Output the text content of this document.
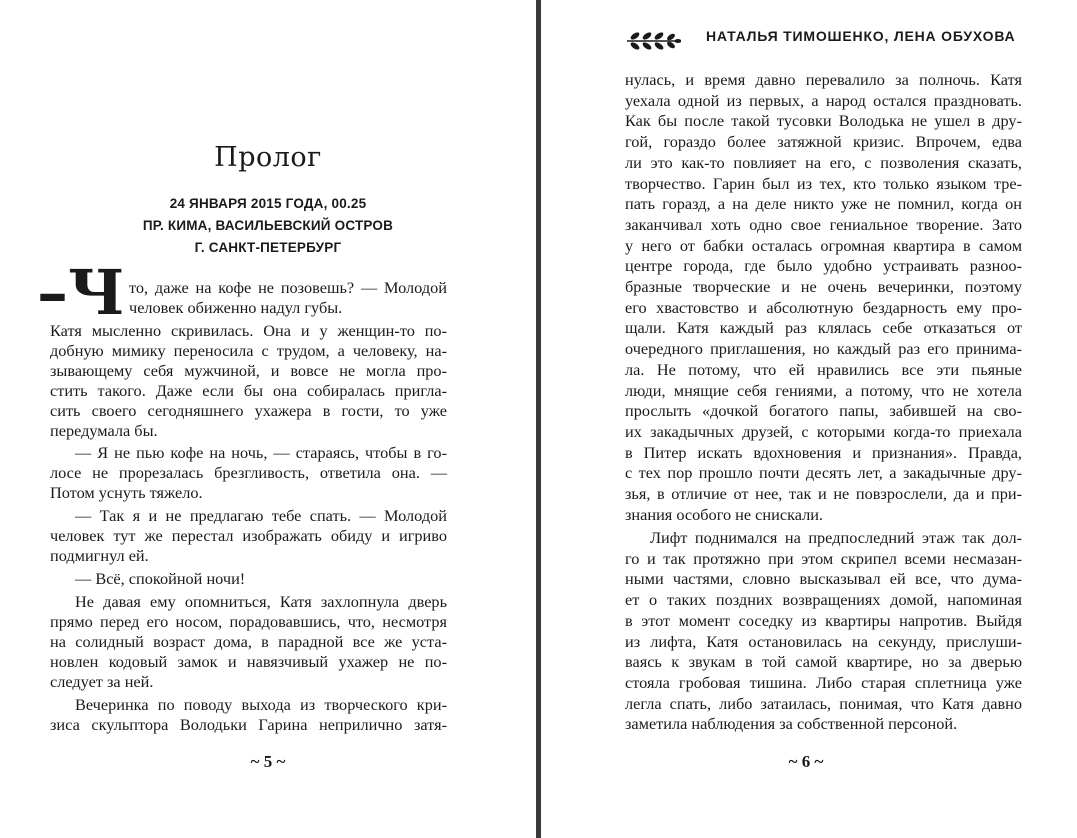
Пролог
24 ЯНВАРЯ 2015 ГОДА, 00.25
ПР. КИМА, ВАСИЛЬЕВСКИЙ ОСТРОВ
Г. САНКТ-ПЕТЕРБУРГ
–Ч то, даже на кофе не позовешь? — Молодой
человек обиженно надул губы.
Катя мысленно скривилась. Она и у женщин-то по-
добную мимику переносила с трудом, а человеку, на-
зывающему себя мужчиной, и вовсе не могла про-
стить такого. Даже если бы она собиралась пригла-
сить своего сегодняшнего ухажера в гости, то уже
передумала бы.
— Я не пью кофе на ночь, — стараясь, чтобы в го-
лосе не прорезалась брезгливость, ответила она. —
Потом уснуть тяжело.
— Так я и не предлагаю тебе спать. — Молодой
человек тут же перестал изображать обиду и игриво
подмигнул ей.
— Всё, спокойной ночи!
Не давая ему опомниться, Катя захлопнула дверь
прямо перед его носом, порадовавшись, что, несмотря
на солидный возраст дома, в парадной все же уста-
новлен кодовый замок и навязчивый ухажер не по-
следует за ней.
Вечеринка по поводу выхода из творческого кри-
зиса скульптора Володьки Гарина неприлично затя-
~ 5 ~
НАТАЛЬЯ ТИМОШЕНКО, ЛЕНА ОБУХОВА
нулась, и время давно перевалило за полночь. Катя
уехала одной из первых, а народ остался праздновать.
Как бы после такой тусовки Володька не ушел в дру-
гой, гораздо более затяжной кризис. Впрочем, едва
ли это как-то повлияет на его, с позволения сказать,
творчество. Гарин был из тех, кто только языком тре-
пать горазд, а на деле никто уже не помнил, когда он
заканчивал хоть одно свое гениальное творение. Зато
у него от бабки осталась огромная квартира в самом
центре города, где было удобно устраивать разноо-
бразные творческие и не очень вечеринки, поэтому
его хвастовство и абсолютную бездарность ему про-
щали. Катя каждый раз клялась себе отказаться от
очередного приглашения, но каждый раз его принима-
ла. Не потому, что ей нравились все эти пьяные
люди, мнящие себя гениями, а потому, что не хотела
прослыть «дочкой богатого папы, забившей на сво-
их закадычных друзей, с которыми когда-то приехала
в Питер искать вдохновения и признания». Правда,
с тех пор прошло почти десять лет, а закадычные дру-
зья, в отличие от нее, так и не повзрослели, да и при-
знания особого не снискали.
Лифт поднимался на предпоследний этаж так дол-
го и так протяжно при этом скрипел всеми несмазан-
ными частями, словно высказывал ей все, что дума-
ет о таких поздних возвращениях домой, напоминая
в этот момент соседку из квартиры напротив. Выйдя
из лифта, Катя остановилась на секунду, прислуши-
ваясь к звукам в той самой квартире, но за дверью
стояла гробовая тишина. Либо старая сплетница уже
легла спать, либо затаилась, понимая, что Катя давно
заметила наблюдения за собственной персоной.
~ 6 ~
